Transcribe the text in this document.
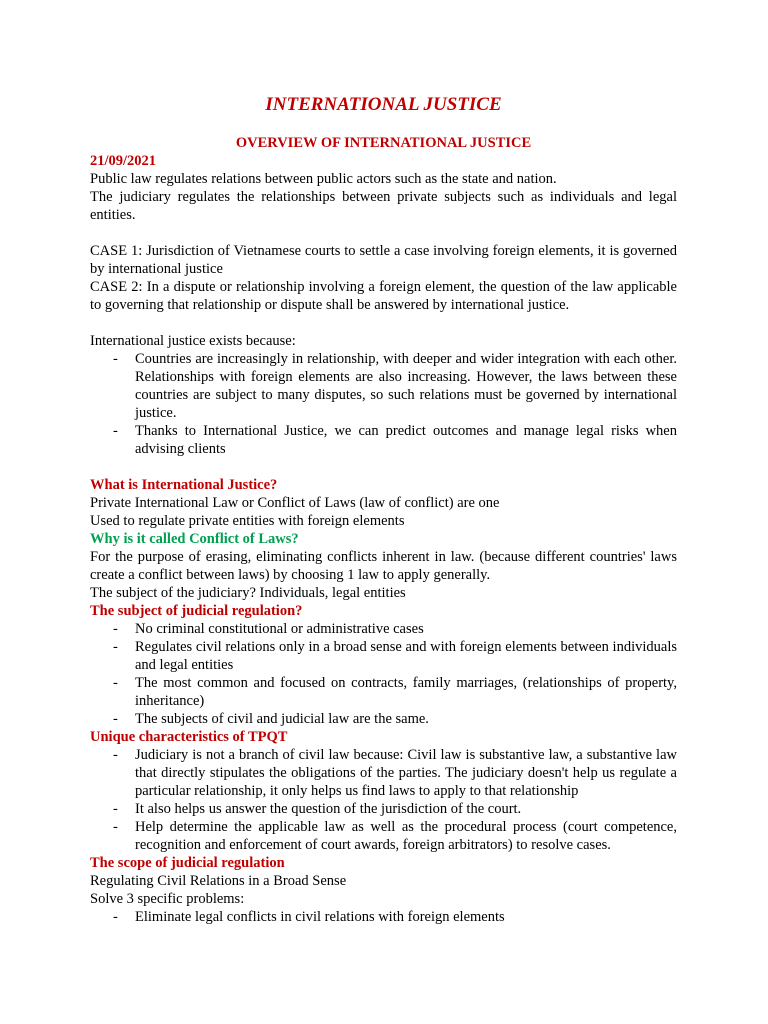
INTERNATIONAL JUSTICE
OVERVIEW OF INTERNATIONAL JUSTICE
21/09/2021

Public law regulates relations between public actors such as the state and nation.

The judiciary regulates the relationships between private subjects such as individuals and legal entities.

CASE 1: Jurisdiction of Vietnamese courts to settle a case involving foreign elements, it is governed by international justice

CASE 2: In a dispute or relationship involving a foreign element, the question of the law applicable to governing that relationship or dispute shall be answered by international justice.

International justice exists because:

- Countries are increasingly in relationship, with deeper and wider integration with each other. Relationships with foreign elements are also increasing. However, the laws between these countries are subject to many disputes, so such relations must be governed by international justice.
- Thanks to International Justice, we can predict outcomes and manage legal risks when advising clients
What is International Justice?

Private International Law or Conflict of Laws (law of conflict) are one

Used to regulate private entities with foreign elements

Why is it called Conflict of Laws?

For the purpose of erasing, eliminating conflicts inherent in law. (because different countries' laws create a conflict between laws) by choosing 1 law to apply generally.

The subject of the judiciary? Individuals, legal entities

The subject of judicial regulation?
- No criminal constitutional or administrative cases
- Regulates civil relations only in a broad sense and with foreign elements between individuals and legal entities
- The most common and focused on contracts, family marriages, (relationships of property, inheritance)
- The subjects of civil and judicial law are the same.
Unique characteristics of TPQT
- Judiciary is not a branch of civil law because: Civil law is substantive law, a substantive law that directly stipulates the obligations of the parties. The judiciary doesn't help us regulate a particular relationship, it only helps us find laws to apply to that relationship
- It also helps us answer the question of the jurisdiction of the court.
- Help determine the applicable law as well as the procedural process (court competence, recognition and enforcement of court awards, foreign arbitrators) to resolve cases.
The scope of judicial regulation

Regulating Civil Relations in a Broad Sense

Solve 3 specific problems:

- Eliminate legal conflicts in civil relations with foreign elements
